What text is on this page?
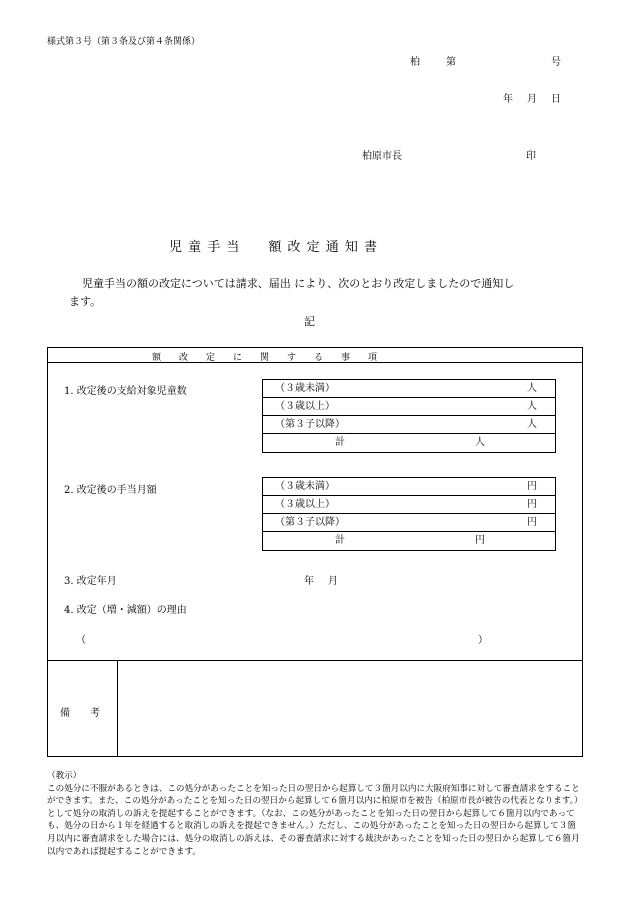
様式第３号（第３条及び第４条関係）
柏	第	号
年 月 日
柏原市長	印
児 童 手 当　　額 改 定 通 知 書
児童手当の額の改定については請求、届出 により、次のとおり改定しましたので通知し
ます。
記
額　　改　　定　　に　　関　　す　　る　　事　　項
1. 改定後の支給対象児童数	（３歳未満）	人
（３歳以上）	人
（第３子以降）	人
計	人
2. 改定後の手当月額	（３歳未満）	円
（３歳以上）	円
（第３子以降）	円
計	円
3. 改定年月	年 月
4. 改定（増・減額）の理由
（	）
備　　考
（教示）
この処分に不服があるときは、この処分があったことを知った日の翌日から起算して３箇月以内に大阪府知事に対して審査請求をすることができます。また、この処分があったことを知った日の翌日から起算して６箇月以内に柏原市を被告（柏原市長が被告の代表となります。）として処分の取消しの訴えを提起することができます。（なお、この処分があったことを知った日の翌日から起算して６箇月以内であっても、処分の日から１年を経過すると取消しの訴えを提起できません。）ただし、この処分があったことを知った日の翌日から起算して３箇月以内に審査請求をした場合には、処分の取消しの訴えは、その審査請求に対する裁決があったことを知った日の翌日から起算して６箇月以内であれば提起することができます。
